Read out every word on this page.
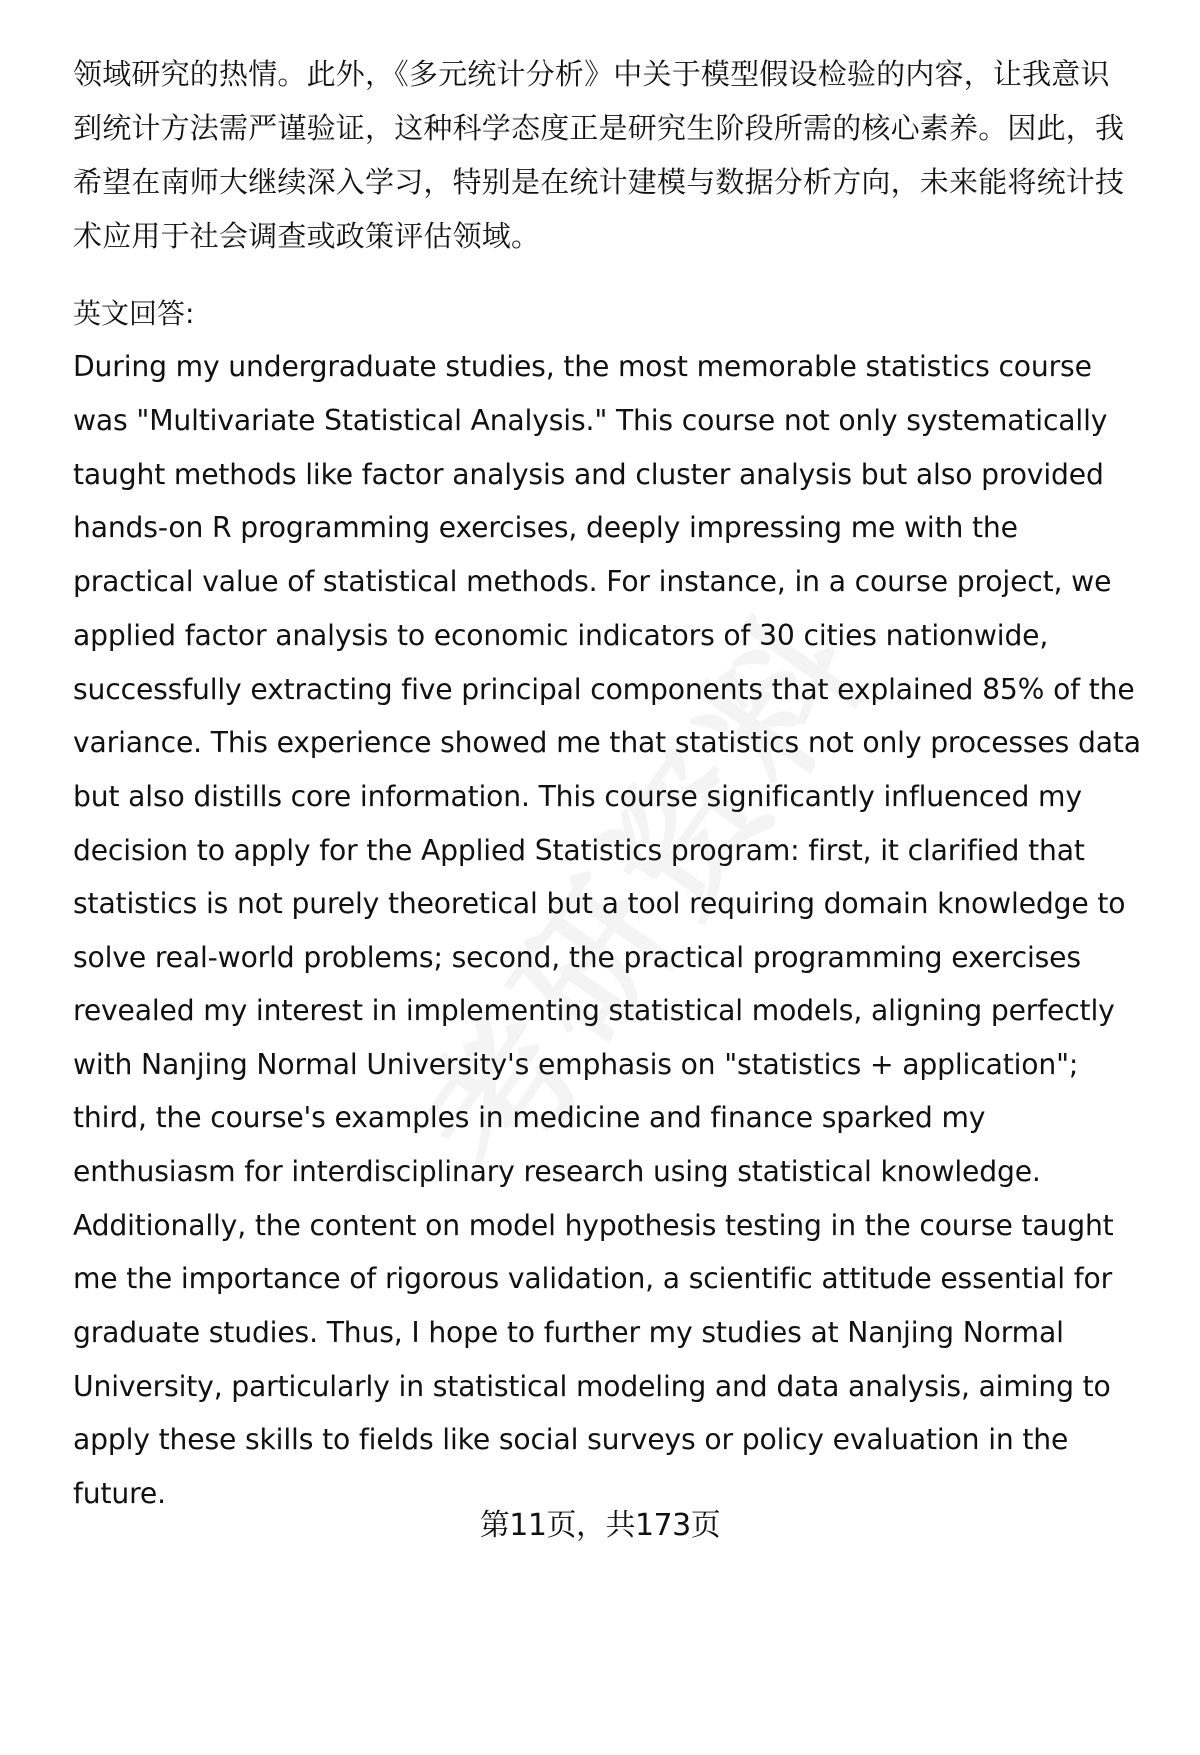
领域研究的热情。此外，《多元统计分析》中关于模型假设检验的内容，让我意识
到统计方法需严谨验证，这种科学态度正是研究生阶段所需的核心素养。因此，我
希望在南师大继续深入学习，特别是在统计建模与数据分析方向，未来能将统计技
术应用于社会调查或政策评估领域。
英文回答:
During my undergraduate studies, the most memorable statistics course
was "Multivariate Statistical Analysis." This course not only systematically
taught methods like factor analysis and cluster analysis but also provided
hands-on R programming exercises, deeply impressing me with the
practical value of statistical methods. For instance, in a course project, we
applied factor analysis to economic indicators of 30 cities nationwide,
successfully extracting five principal components that explained 85% of the
variance. This experience showed me that statistics not only processes data
but also distills core information. This course significantly influenced my
decision to apply for the Applied Statistics program: first, it clarified that
statistics is not purely theoretical but a tool requiring domain knowledge to
solve real-world problems; second, the practical programming exercises
revealed my interest in implementing statistical models, aligning perfectly
with Nanjing Normal University's emphasis on "statistics + application";
third, the course's examples in medicine and finance sparked my
enthusiasm for interdisciplinary research using statistical knowledge.
Additionally, the content on model hypothesis testing in the course taught
me the importance of rigorous validation, a scientific attitude essential for
graduate studies. Thus, I hope to further my studies at Nanjing Normal
University, particularly in statistical modeling and data analysis, aiming to
apply these skills to fields like social surveys or policy evaluation in the
future.
第11页，共173页
